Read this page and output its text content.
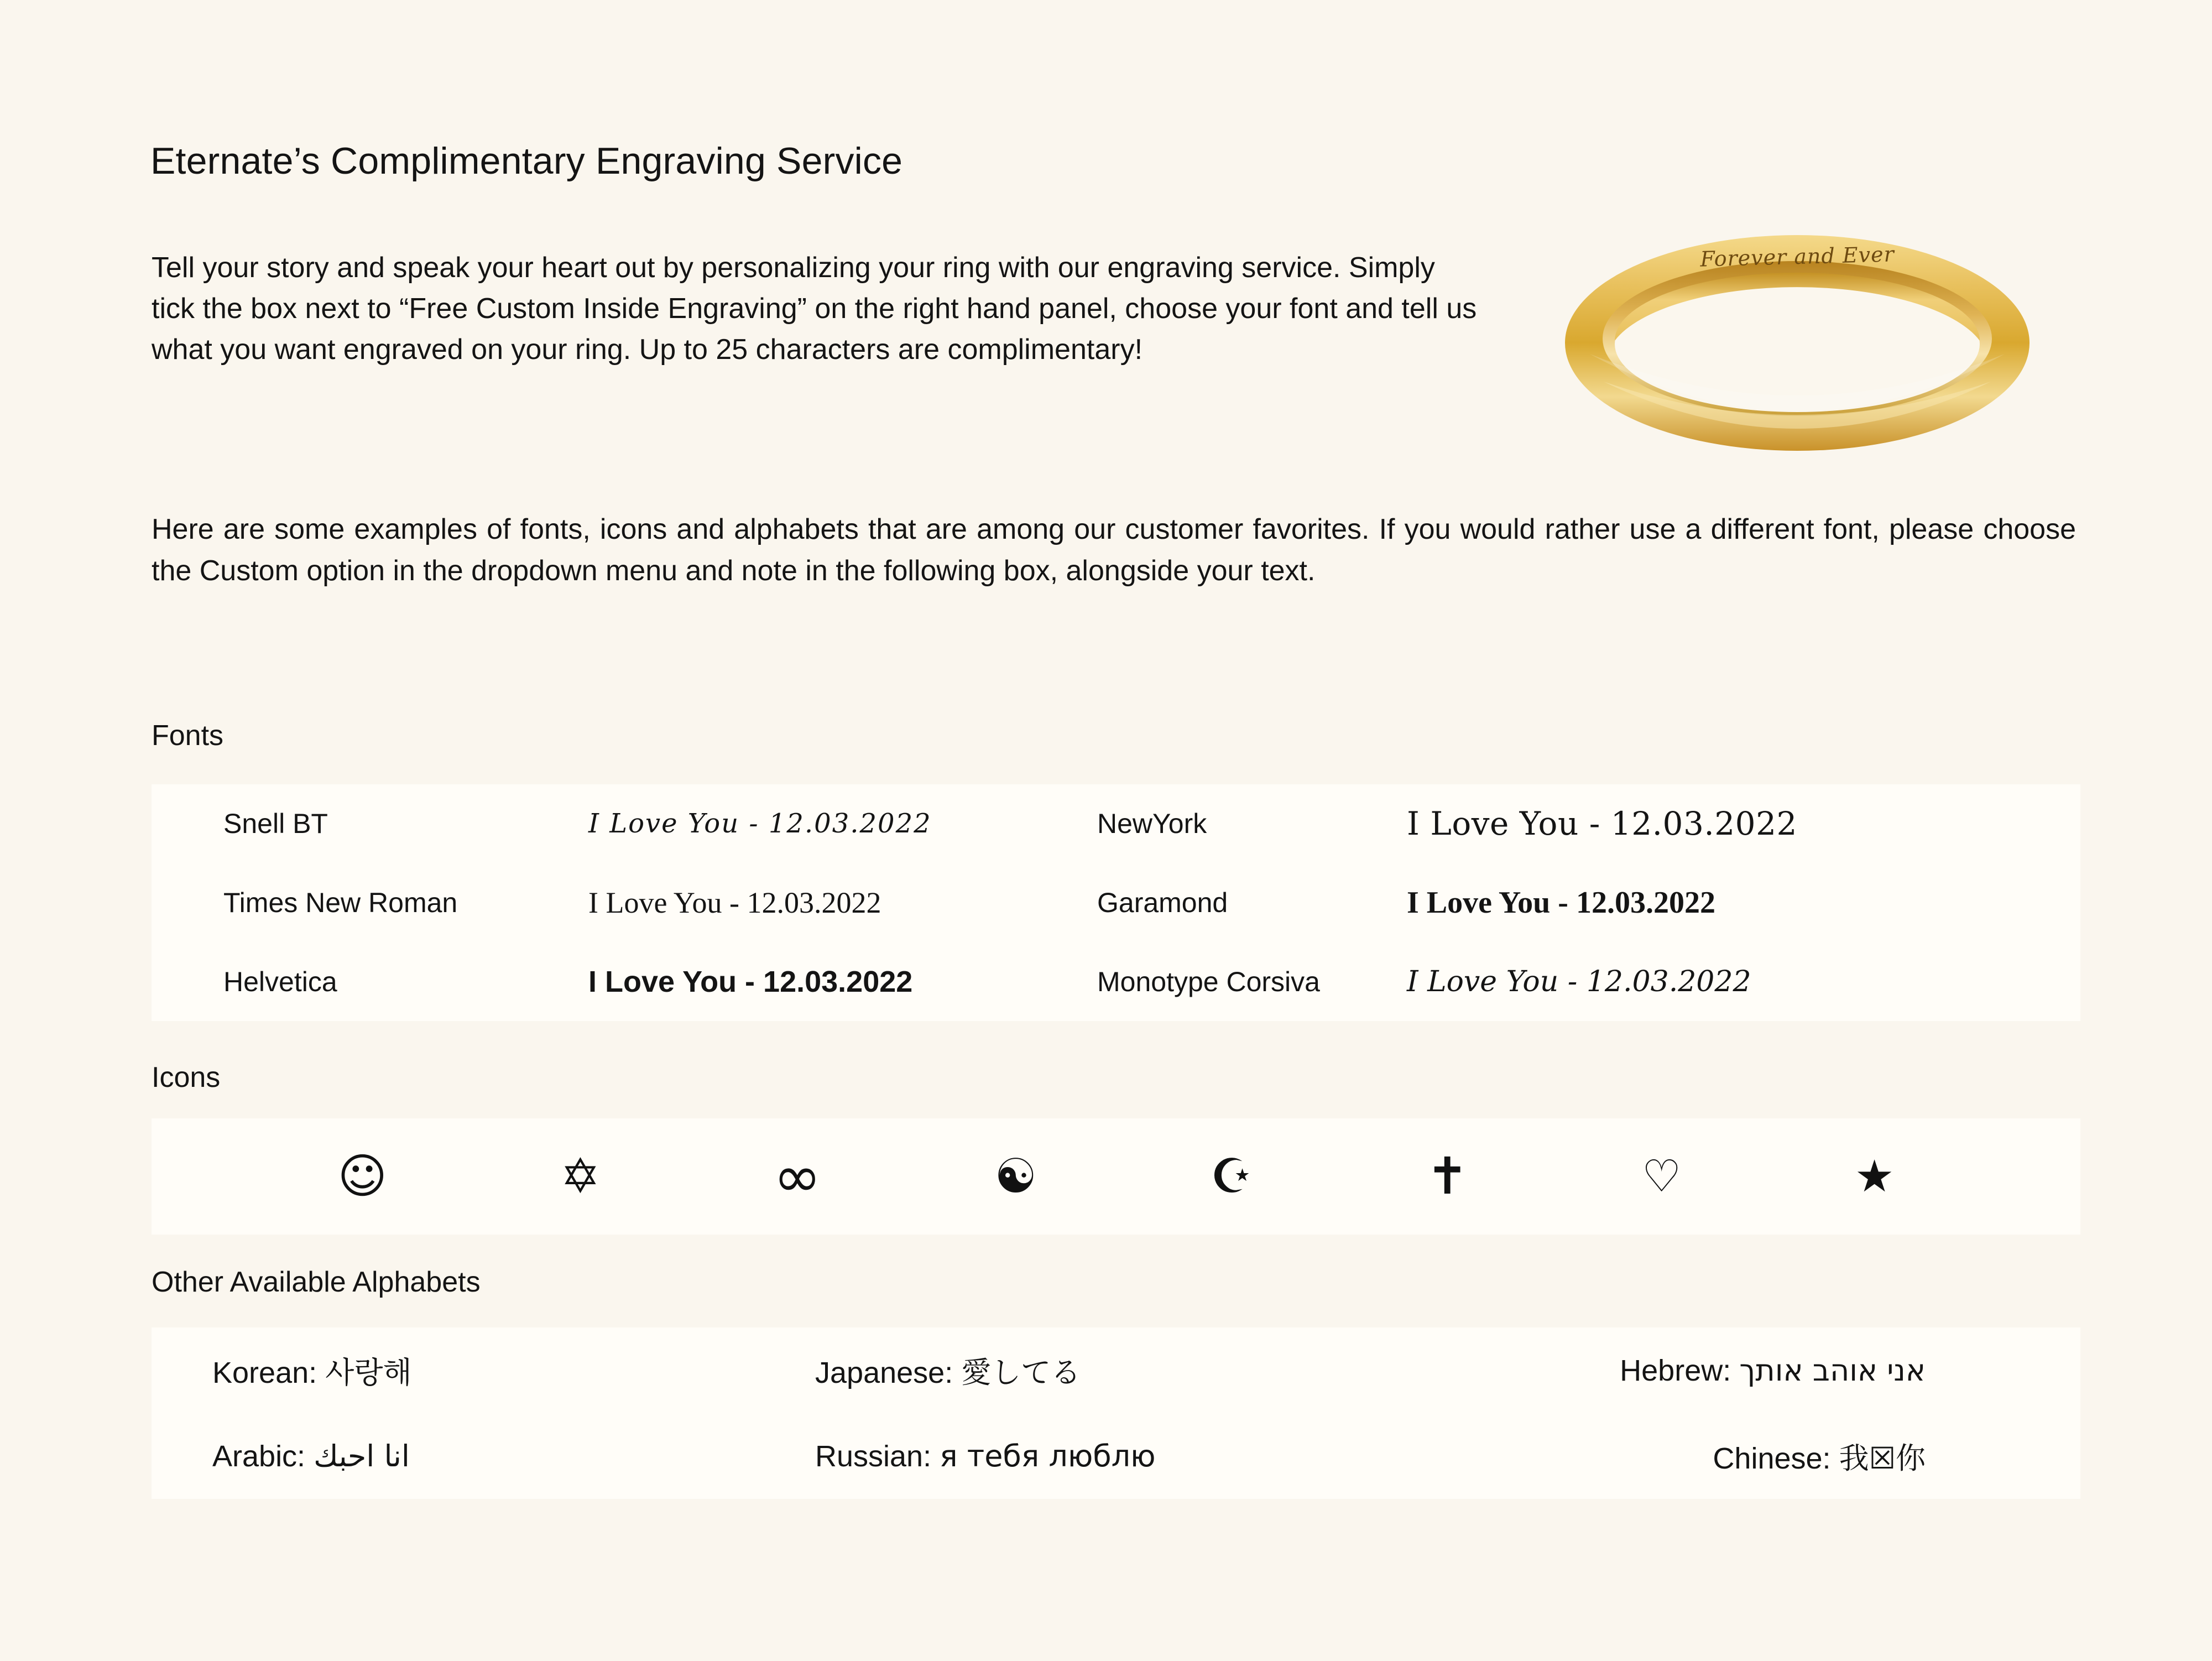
Eternate’s Complimentary Engraving Service
Tell your story and speak your heart out by personalizing your ring with our engraving service. Simply tick the box next to “Free Custom Inside Engraving” on the right hand panel, choose your font and tell us what you want engraved on your ring. Up to 25 characters are complimentary!
Here are some examples of fonts, icons and alphabets that are among our customer favorites. If you would rather use a different font, please choose the Custom option in the dropdown menu and note in the following box, alongside your text.
Forever and Ever
Fonts
Snell BT	I Love You - 12.03.2022	NewYork	I Love You - 12.03.2022
Times New Roman	I Love You - 12.03.2022	Garamond	I Love You - 12.03.2022
Helvetica	I Love You - 12.03.2022	Monotype Corsiva	I Love You - 12.03.2022
Icons
☺	✡	∞	☯	☪	✝	♡	★
Other Available Alphabets
Korean: 사랑해	Japanese: 愛してる	Hebrew: אני אוהב אותך
Arabic: انا احبك	Russian: я тебя люблю	Chinese: 我☒你
